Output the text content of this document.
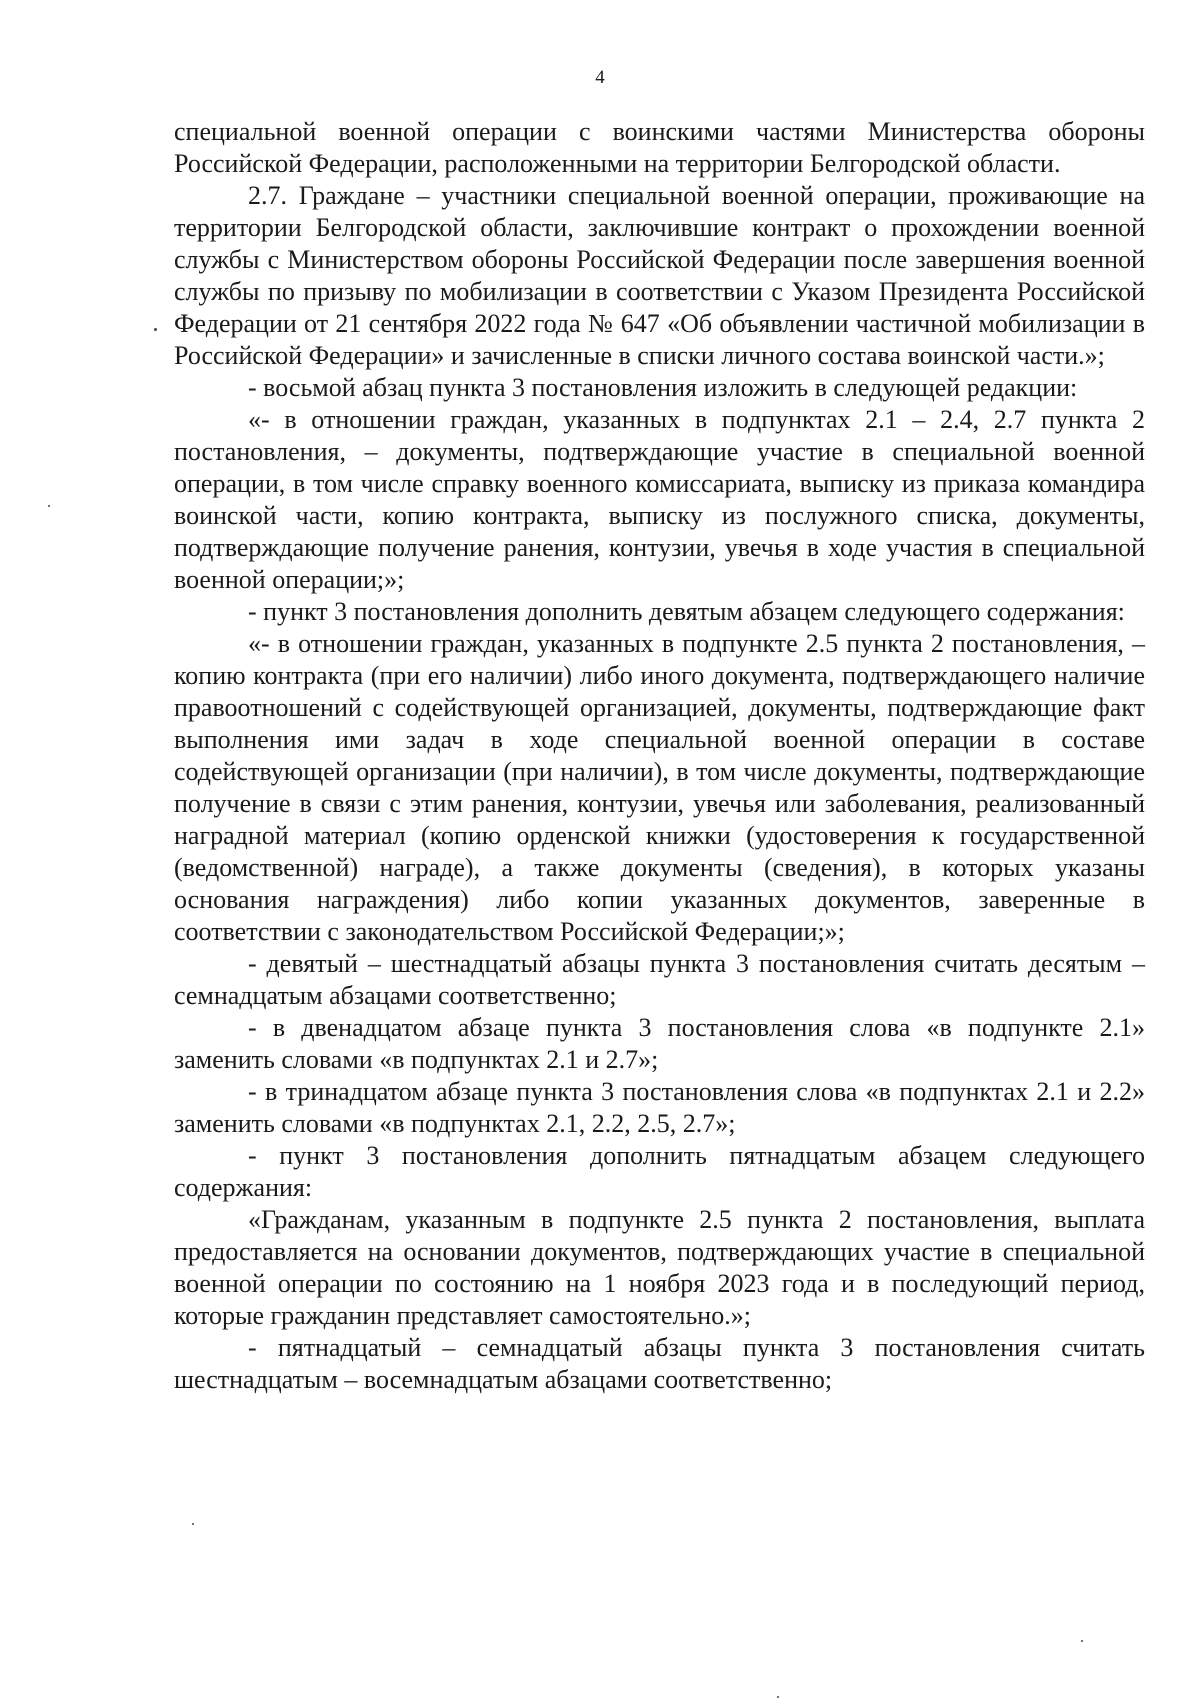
4

специальной военной операции с воинскими частями Министерства обороны Российской Федерации, расположенными на территории Белгородской области.

2.7. Граждане – участники специальной военной операции, проживающие на территории Белгородской области, заключившие контракт о прохождении военной службы с Министерством обороны Российской Федерации после завершения военной службы по призыву по мобилизации в соответствии с Указом Президента Российской Федерации от 21 сентября 2022 года № 647 «Об объявлении частичной мобилизации в Российской Федерации» и зачисленные в списки личного состава воинской части.»;

- восьмой абзац пункта 3 постановления изложить в следующей редакции:

«- в отношении граждан, указанных в подпунктах 2.1 – 2.4, 2.7 пункта 2 постановления, – документы, подтверждающие участие в специальной военной операции, в том числе справку военного комиссариата, выписку из приказа командира воинской части, копию контракта, выписку из послужного списка, документы, подтверждающие получение ранения, контузии, увечья в ходе участия в специальной военной операции;»;

- пункт 3 постановления дополнить девятым абзацем следующего содержания:

«- в отношении граждан, указанных в подпункте 2.5 пункта 2 постановления, – копию контракта (при его наличии) либо иного документа, подтверждающего наличие правоотношений с содействующей организацией, документы, подтверждающие факт выполнения ими задач в ходе специальной военной операции в составе содействующей организации (при наличии), в том числе документы, подтверждающие получение в связи с этим ранения, контузии, увечья или заболевания, реализованный наградной материал (копию орденской книжки (удостоверения к государственной (ведомственной) награде), а также документы (сведения), в которых указаны основания награждения) либо копии указанных документов, заверенные в соответствии с законодательством Российской Федерации;»;

- девятый – шестнадцатый абзацы пункта 3 постановления считать десятым – семнадцатым абзацами соответственно;

- в двенадцатом абзаце пункта 3 постановления слова «в подпункте 2.1» заменить словами «в подпунктах 2.1 и 2.7»;

- в тринадцатом абзаце пункта 3 постановления слова «в подпунктах 2.1 и 2.2» заменить словами «в подпунктах 2.1, 2.2, 2.5, 2.7»;

- пункт 3 постановления дополнить пятнадцатым абзацем следующего содержания:

«Гражданам, указанным в подпункте 2.5 пункта 2 постановления, выплата предоставляется на основании документов, подтверждающих участие в специальной военной операции по состоянию на 1 ноября 2023 года и в последующий период, которые гражданин представляет самостоятельно.»;

- пятнадцатый – семнадцатый абзацы пункта 3 постановления считать шестнадцатым – восемнадцатым абзацами соответственно;
